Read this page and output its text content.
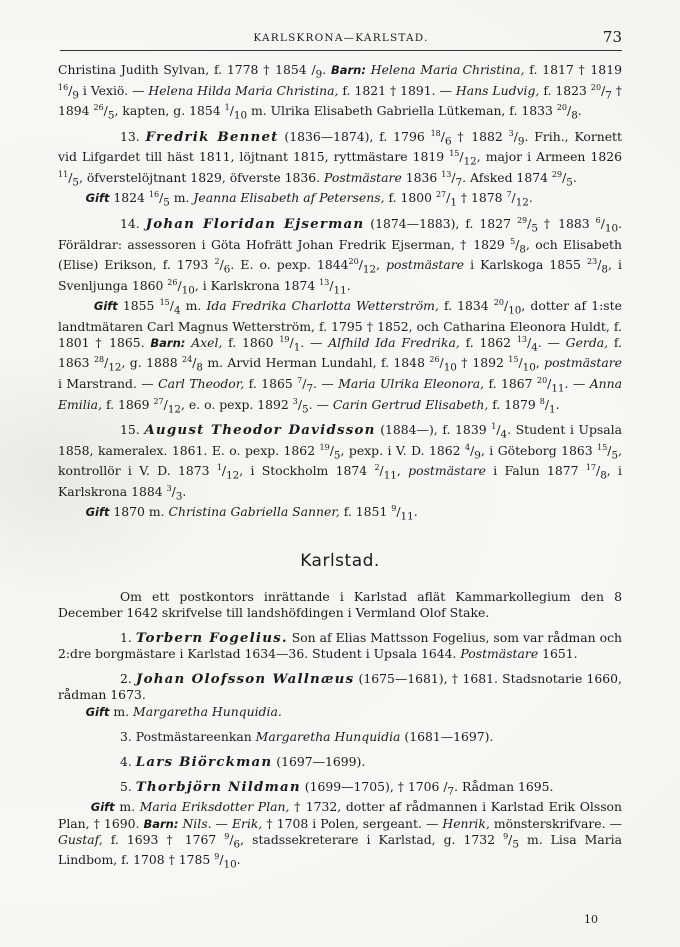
KARLSKRONA—KARLSTAD.	73

Christina Judith Sylvan, f. 1778 † 1854 $/_9$. Barn: Helena Maria Christina, f. 1817 † 1819 $^{16}/_9$ i Vexiö. — Helena Hilda Maria Christina, f. 1821 † 1891. — Hans Ludvig, f. 1823 $^{20}/_7$ † 1894 $^{26}/_5$, kapten, g. 1854 $^1/_{10}$ m. Ulrika Elisabeth Gabriella Lütkeman, f. 1833 $^{20}/_8$.

13. Fredrik Bennet (1836—1874), f. 1796 $^{18}/_6$ † 1882 $^3/_9$. Frih., Kornett vid Lifgardet till häst 1811, löjtnant 1815, ryttmästare 1819 $^{15}/_{12}$, major i Armeen 1826 $^{11}/_5$, öfverstelöjtnant 1829, öfverste 1836. Postmästare 1836 $^{13}/_7$. Afsked 1874 $^{29}/_5$.

Gift 1824 $^{16}/_5$ m. Jeanna Elisabeth af Petersens, f. 1800 $^{27}/_1$ † 1878 $^7/_{12}$.

14. Johan Floridan Ejserman (1874—1883), f. 1827 $^{29}/_5$ † 1883 $^6/_{10}$. Föräldrar: assessoren i Göta Hofrätt Johan Fredrik Ejserman, † 1829 $^5/_8$, och Elisabeth (Elise) Erikson, f. 1793 $^2/_6$. E. o. pexp. $1844^{20}/_{12}$, postmästare i Karlskoga 1855 $^{23}/_8$, i Svenljunga 1860 $^{26}/_{10}$, i Karlskrona 1874 $^{13}/_{11}$.

Gift 1855 $^{15}/_4$ m. Ida Fredrika Charlotta Wetterström, f. 1834 $^{20}/_{10}$, dotter af 1:ste landtmätaren Carl Magnus Wetterström, f. 1795 † 1852, och Catharina Eleonora Huldt, f. 1801 † 1865. Barn: Axel, f. 1860 $^{19}/_1$. — Alfhild Ida Fredrika, f. 1862 $^{13}/_4$. — Gerda, f. 1863 $^{28}/_{12}$, g. 1888 $^{24}/_8$ m. Arvid Herman Lundahl, f. 1848 $^{26}/_{10}$ † 1892 $^{15}/_{10}$, postmästare i Marstrand. — Carl Theodor, f. 1865 $^7/_7$. — Maria Ulrika Eleonora, f. 1867 $^{20}/_{11}$. — Anna Emilia, f. 1869 $^{27}/_{12}$, e. o. pexp. 1892 $^3/_5$. — Carin Gertrud Elisabeth, f. 1879 $^8/_1$.

15. August Theodor Davidsson (1884—), f. 1839 $^1/_4$. Student i Upsala 1858, kameralex. 1861. E. o. pexp. 1862 $^{19}/_5$, pexp. i V. D. 1862 $^4/_9$, i Göteborg 1863 $^{15}/_5$, kontrollör i V. D. 1873 $^1/_{12}$, i Stockholm 1874 $^2/_{11}$, postmästare i Falun 1877 $^{17}/_8$, i Karlskrona 1884 $^3/_3$.

Gift 1870 m. Christina Gabriella Sanner, f. 1851 $^9/_{11}$.

Karlstad.

Om ett postkontors inrättande i Karlstad aflät Kammarkollegium den 8 December 1642 skrifvelse till landshöfdingen i Vermland Olof Stake.

1. Torbern Fogelius. Son af Elias Mattsson Fogelius, som var rådman och 2:dre borgmästare i Karlstad 1634—36. Student i Upsala 1644. Postmästare 1651.

2. Johan Olofsson Wallnæus (1675—1681), † 1681. Stadsnotarie 1660, rådman 1673.

Gift m. Margaretha Hunquidia.

3. Postmästareenkan Margaretha Hunquidia (1681—1697).

4. Lars Biörckman (1697—1699).

5. Thorbjörn Nildman (1699—1705), † 1706 $/_7$. Rådman 1695.

Gift m. Maria Eriksdotter Plan, † 1732, dotter af rådmannen i Karlstad Erik Olsson Plan, † 1690. Barn: Nils. — Erik, † 1708 i Polen, sergeant. — Henrik, mönsterskrifvare. — Gustaf, f. 1693 † 1767 $^9/_6$, stadssekreterare i Karlstad, g. 1732 $^9/_5$ m. Lisa Maria Lindbom, f. 1708 † 1785 $^9/_{10}$.

10
